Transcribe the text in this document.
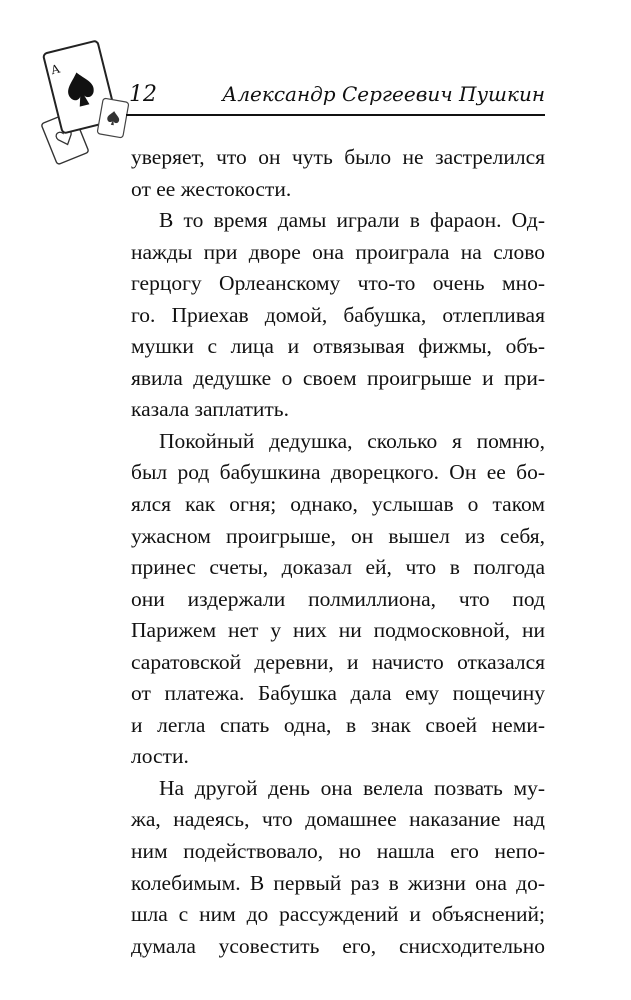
A
12	Александр Сергеевич Пушкин
уверяет, что он чуть было не застрелился
от ее жестокости.
В то время дамы играли в фараон. Од-
нажды при дворе она проиграла на слово
герцогу Орлеанскому что-то очень мно-
го. Приехав домой, бабушка, отлепливая
мушки с лица и отвязывая фижмы, объ-
явила дедушке о своем проигрыше и при-
казала заплатить.
Покойный дедушка, сколько я помню,
был род бабушкина дворецкого. Он ее бо-
ялся как огня; однако, услышав о таком
ужасном проигрыше, он вышел из себя,
принес счеты, доказал ей, что в полгода
они издержали полмиллиона, что под
Парижем нет у них ни подмосковной, ни
саратовской деревни, и начисто отказался
от платежа. Бабушка дала ему пощечину
и легла спать одна, в знак своей неми-
лости.
На другой день она велела позвать му-
жа, надеясь, что домашнее наказание над
ним подействовало, но нашла его непо-
колебимым. В первый раз в жизни она до-
шла с ним до рассуждений и объяснений;
думала усовестить его, снисходительно
